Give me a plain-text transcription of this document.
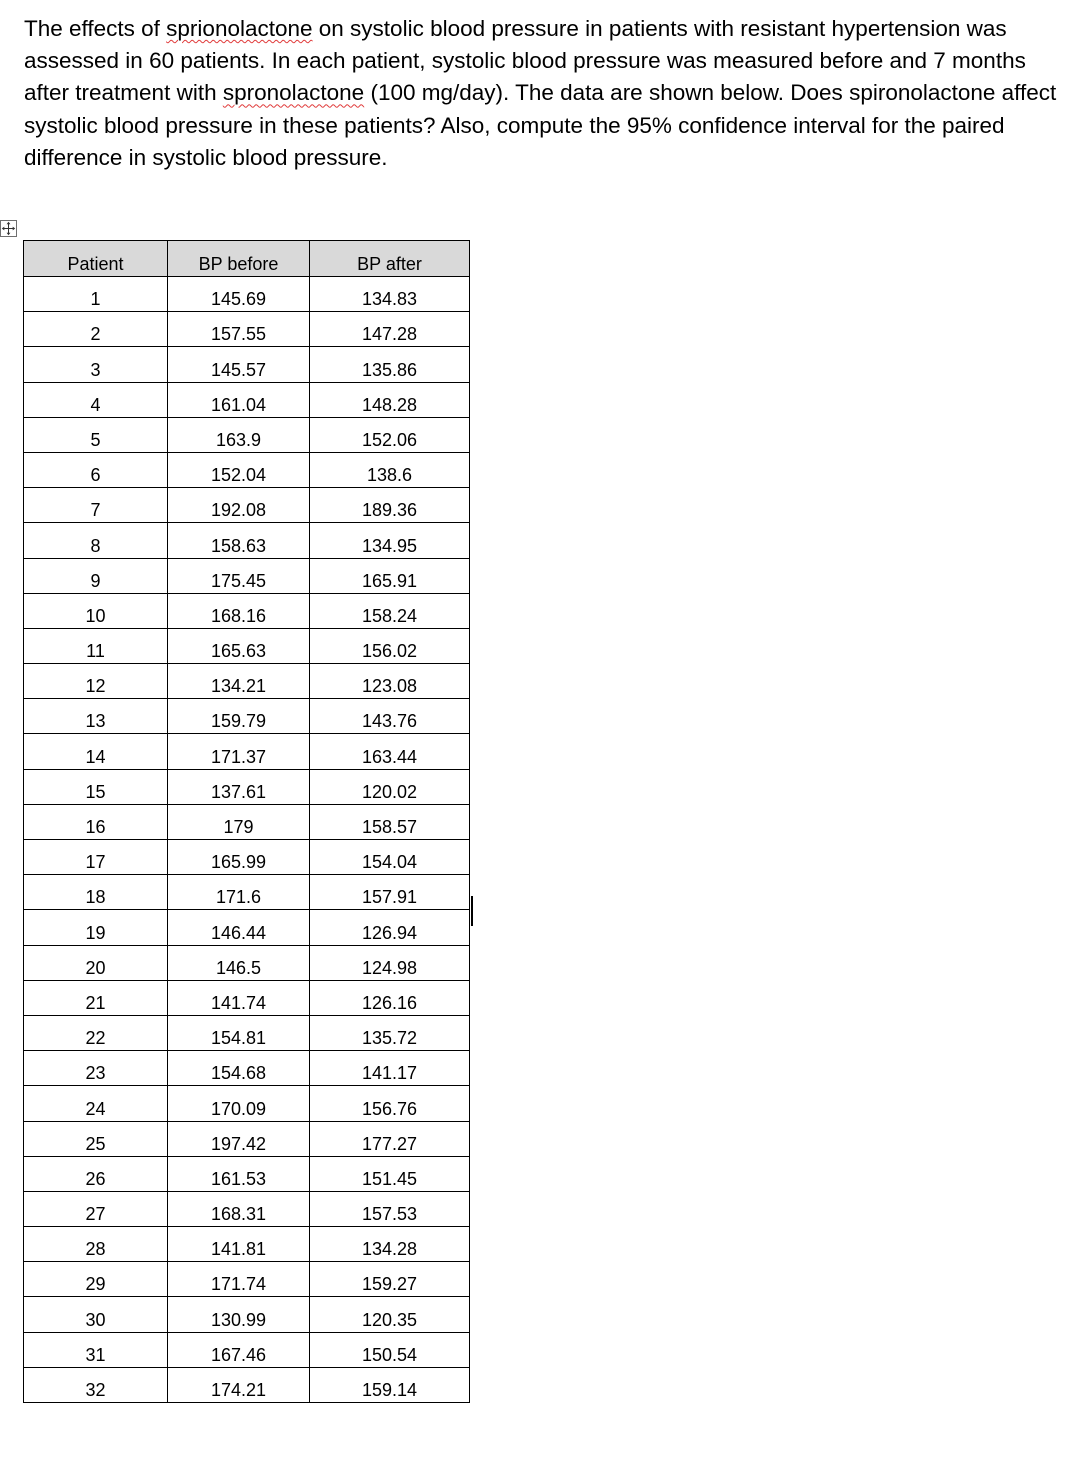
The effects of sprionolactone on systolic blood pressure in patients with resistant hypertension was assessed in 60 patients. In each patient, systolic blood pressure was measured before and 7 months after treatment with spronolactone (100 mg/day). The data are shown below. Does spironolactone affect systolic blood pressure in these patients? Also, compute the 95% confidence interval for the paired difference in systolic blood pressure.

Patient	BP before	BP after
1	145.69	134.83
2	157.55	147.28
3	145.57	135.86
4	161.04	148.28
5	163.9	152.06
6	152.04	138.6
7	192.08	189.36
8	158.63	134.95
9	175.45	165.91
10	168.16	158.24
11	165.63	156.02
12	134.21	123.08
13	159.79	143.76
14	171.37	163.44
15	137.61	120.02
16	179	158.57
17	165.99	154.04
18	171.6	157.91
19	146.44	126.94
20	146.5	124.98
21	141.74	126.16
22	154.81	135.72
23	154.68	141.17
24	170.09	156.76
25	197.42	177.27
26	161.53	151.45
27	168.31	157.53
28	141.81	134.28
29	171.74	159.27
30	130.99	120.35
31	167.46	150.54
32	174.21	159.14
